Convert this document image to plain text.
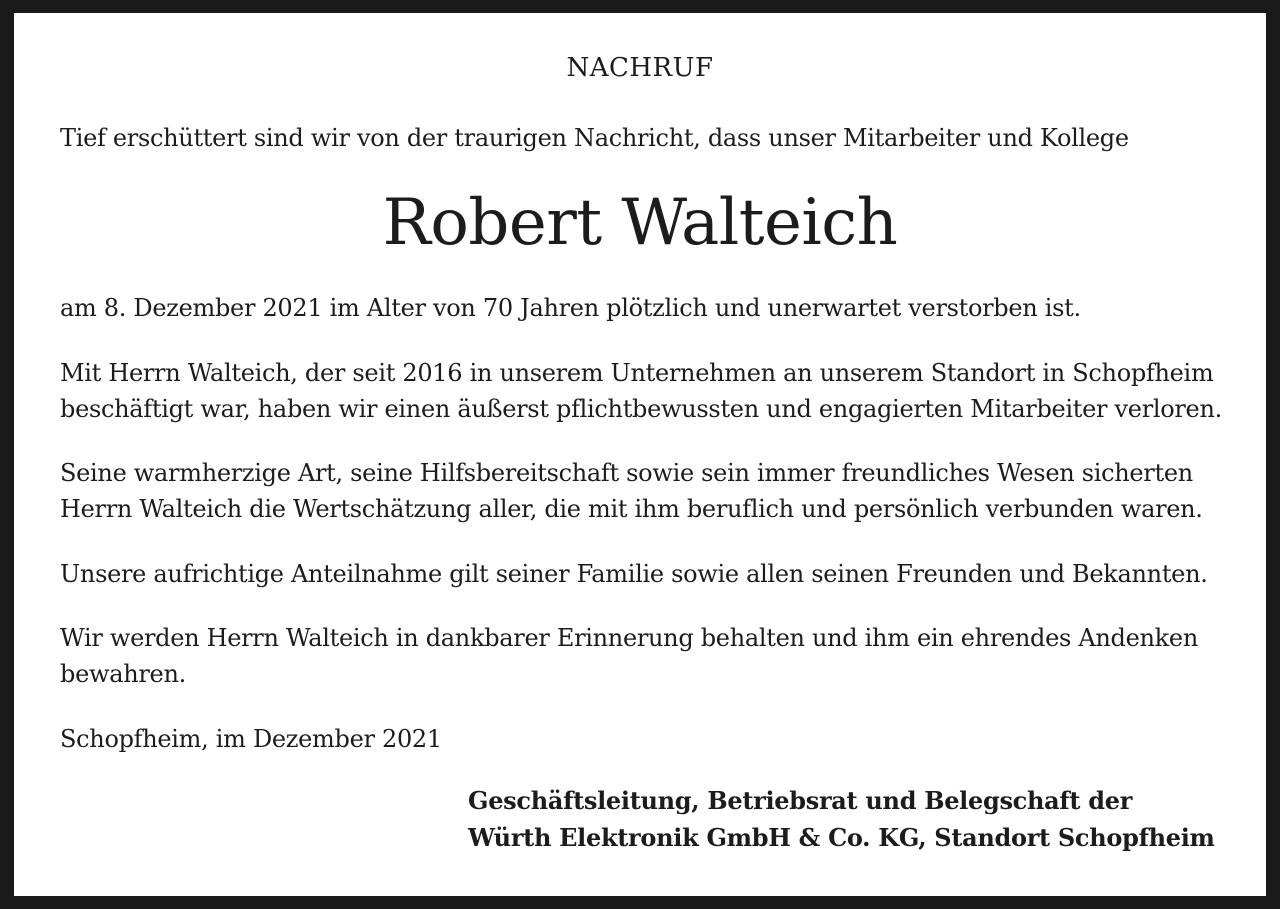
NACHRUF
Tief erschüttert sind wir von der traurigen Nachricht, dass unser Mitarbeiter und Kollege
Robert Walteich
am 8. Dezember 2021 im Alter von 70 Jahren plötzlich und unerwartet verstorben ist.
Mit Herrn Walteich, der seit 2016 in unserem Unternehmen an unserem Standort in Schopfheim
beschäftigt war, haben wir einen äußerst pflichtbewussten und engagierten Mitarbeiter verloren.
Seine warmherzige Art, seine Hilfsbereitschaft sowie sein immer freundliches Wesen sicherten
Herrn Walteich die Wertschätzung aller, die mit ihm beruflich und persönlich verbunden waren.
Unsere aufrichtige Anteilnahme gilt seiner Familie sowie allen seinen Freunden und Bekannten.
Wir werden Herrn Walteich in dankbarer Erinnerung behalten und ihm ein ehrendes Andenken
bewahren.
Schopfheim, im Dezember 2021
Geschäftsleitung, Betriebsrat und Belegschaft der
Würth Elektronik GmbH & Co. KG, Standort Schopfheim
